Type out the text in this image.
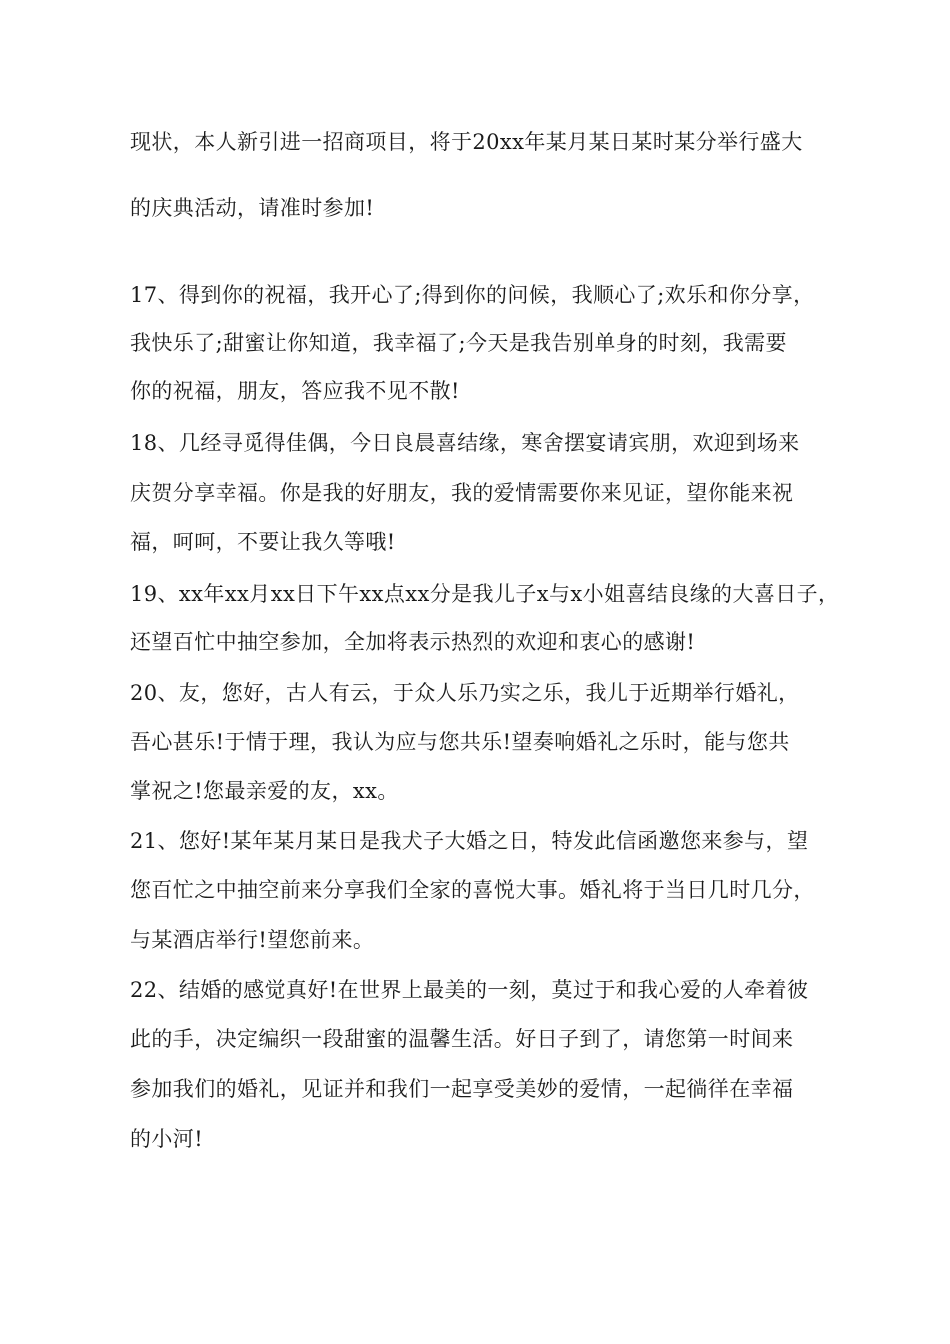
现状，本人新引进一招商项目，将于20xx年某月某日某时某分举行盛大
的庆典活动，请准时参加!
17、得到你的祝福，我开心了;得到你的问候，我顺心了;欢乐和你分享，
我快乐了;甜蜜让你知道，我幸福了;今天是我告别单身的时刻，我需要
你的祝福，朋友，答应我不见不散!
18、几经寻觅得佳偶，今日良晨喜结缘，寒舍摆宴请宾朋，欢迎到场来
庆贺分享幸福。你是我的好朋友，我的爱情需要你来见证，望你能来祝
福，呵呵，不要让我久等哦!
19、xx年xx月xx日下午xx点xx分是我儿子x与x小姐喜结良缘的大喜日子，
还望百忙中抽空参加，全加将表示热烈的欢迎和衷心的感谢!
20、友，您好，古人有云，于众人乐乃实之乐，我儿于近期举行婚礼，
吾心甚乐!于情于理，我认为应与您共乐!望奏响婚礼之乐时，能与您共
掌祝之!您最亲爱的友，xx。
21、您好!某年某月某日是我犬子大婚之日，特发此信函邀您来参与，望
您百忙之中抽空前来分享我们全家的喜悦大事。婚礼将于当日几时几分，
与某酒店举行!望您前来。
22、结婚的感觉真好!在世界上最美的一刻，莫过于和我心爱的人牵着彼
此的手，决定编织一段甜蜜的温馨生活。好日子到了，请您第一时间来
参加我们的婚礼，见证并和我们一起享受美妙的爱情，一起徜徉在幸福
的小河!
